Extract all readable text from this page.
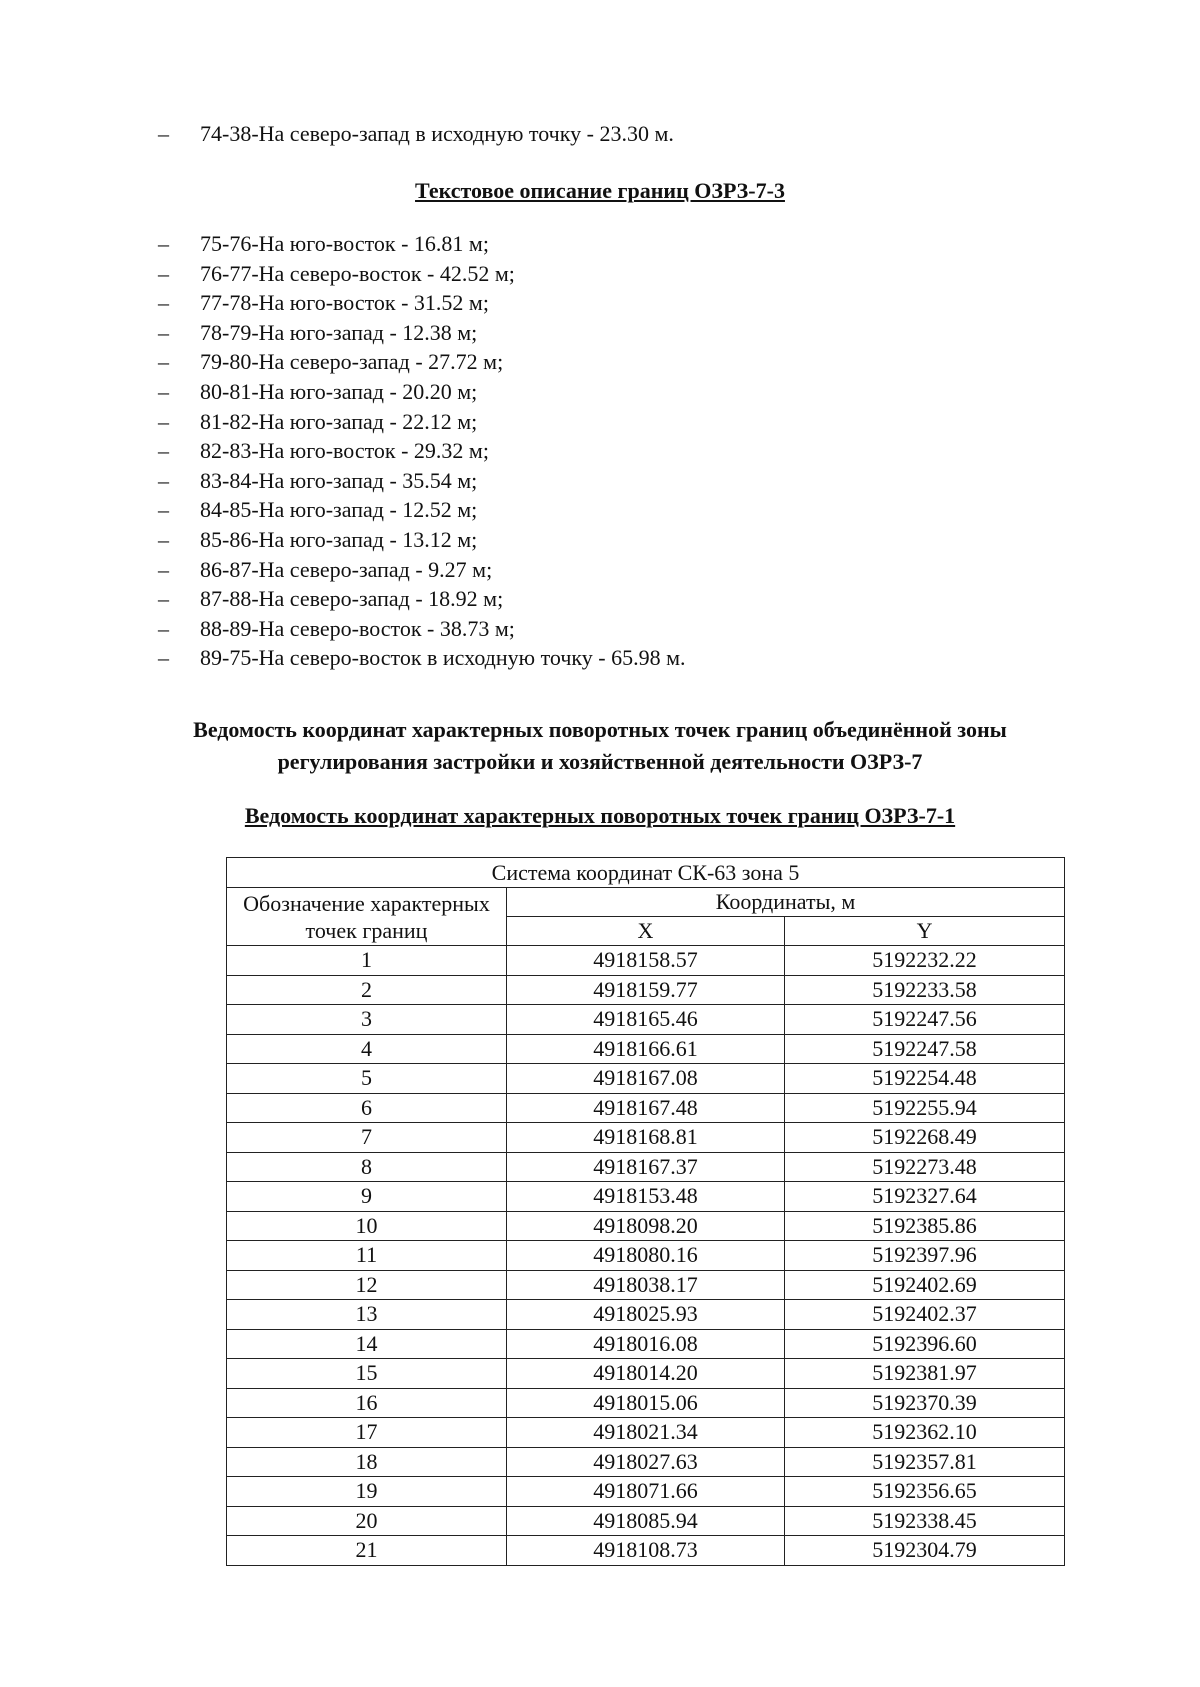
– 74-38-На северо-запад в исходную точку - 23.30 м.
Текстовое описание границ ОЗРЗ-7-3
– 75-76-На юго-восток - 16.81 м;
– 76-77-На северо-восток - 42.52 м;
– 77-78-На юго-восток - 31.52 м;
– 78-79-На юго-запад - 12.38 м;
– 79-80-На северо-запад - 27.72 м;
– 80-81-На юго-запад - 20.20 м;
– 81-82-На юго-запад - 22.12 м;
– 82-83-На юго-восток - 29.32 м;
– 83-84-На юго-запад - 35.54 м;
– 84-85-На юго-запад - 12.52 м;
– 85-86-На юго-запад - 13.12 м;
– 86-87-На северо-запад - 9.27 м;
– 87-88-На северо-запад - 18.92 м;
– 88-89-На северо-восток - 38.73 м;
– 89-75-На северо-восток в исходную точку - 65.98 м.
Ведомость координат характерных поворотных точек границ объединённой зоны
регулирования застройки и хозяйственной деятельности ОЗРЗ-7
Ведомость координат характерных поворотных точек границ ОЗРЗ-7-1
Система координат СК-63 зона 5		

Обозначение характерных
точек границ	Координаты, м	
	X	Y
1	4918158.57	5192232.22
2	4918159.77	5192233.58
3	4918165.46	5192247.56
4	4918166.61	5192247.58
5	4918167.08	5192254.48
6	4918167.48	5192255.94
7	4918168.81	5192268.49
8	4918167.37	5192273.48
9	4918153.48	5192327.64
10	4918098.20	5192385.86
11	4918080.16	5192397.96
12	4918038.17	5192402.69
13	4918025.93	5192402.37
14	4918016.08	5192396.60
15	4918014.20	5192381.97
16	4918015.06	5192370.39
17	4918021.34	5192362.10
18	4918027.63	5192357.81
19	4918071.66	5192356.65
20	4918085.94	5192338.45
21	4918108.73	5192304.79
